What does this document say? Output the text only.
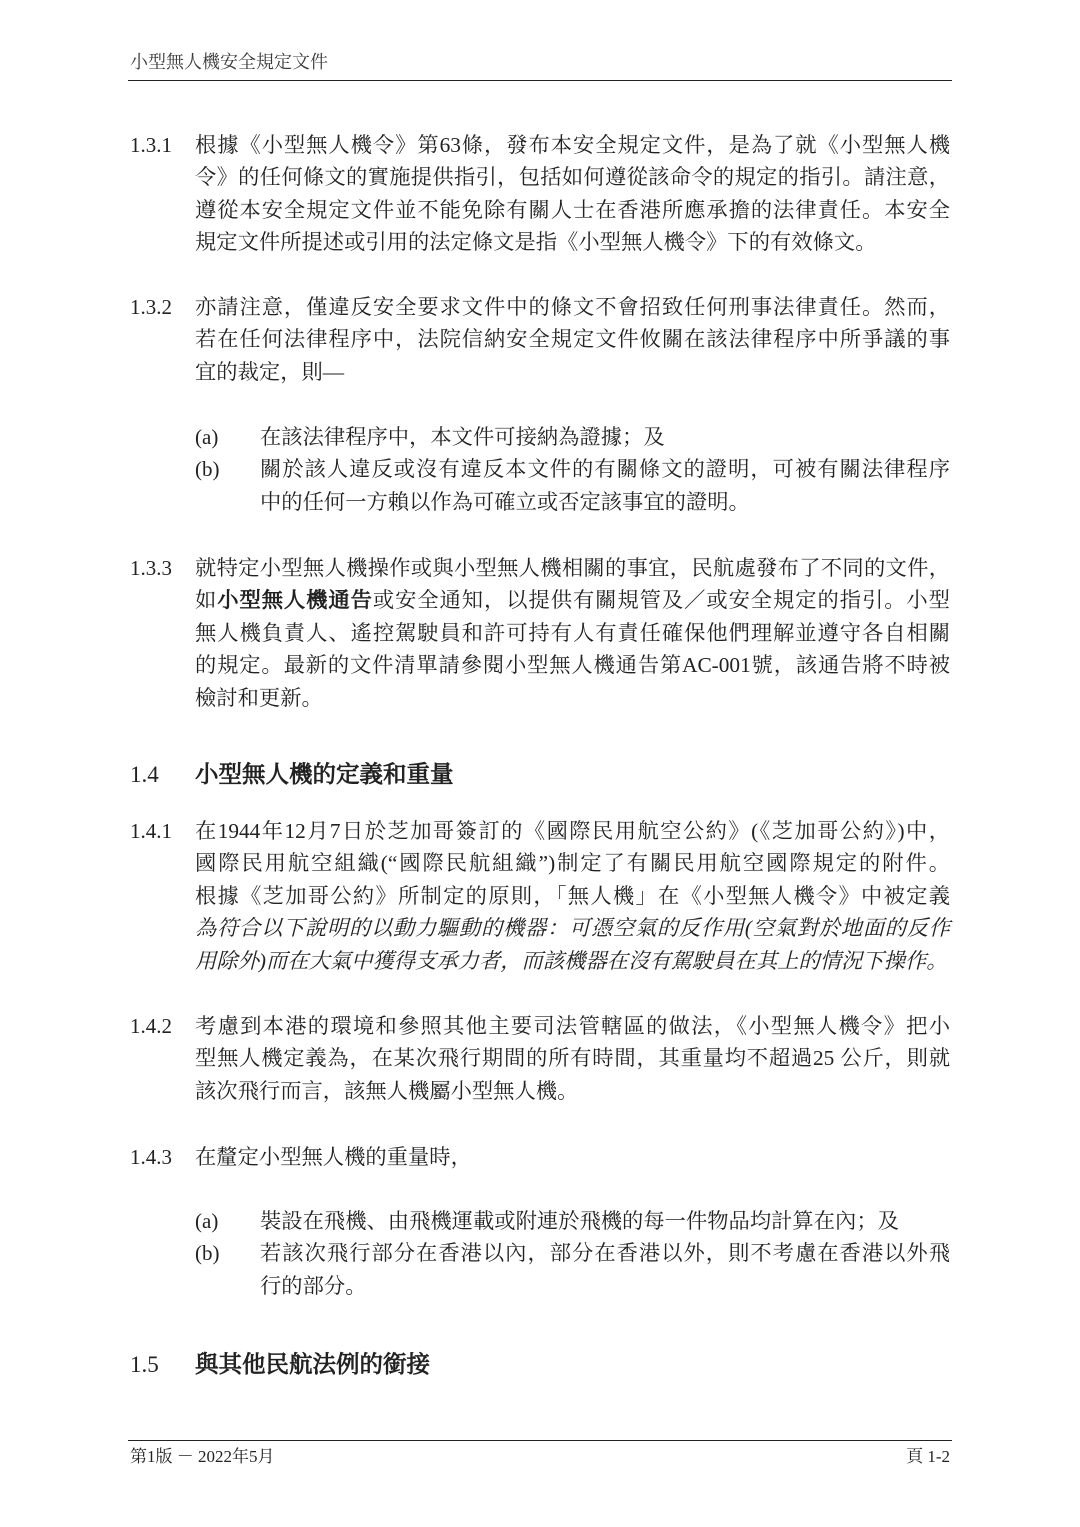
小型無人機安全規定文件
1.3.1 根據《小型無人機令》第63條，發布本安全規定文件，是為了就《小型無人機
令》的任何條文的實施提供指引，包括如何遵從該命令的規定的指引。請注意，
遵從本安全規定文件並不能免除有關人士在香港所應承擔的法律責任。本安全
規定文件所提述或引用的法定條文是指《小型無人機令》下的有效條文。
1.3.2 亦請注意，僅違反安全要求文件中的條文不會招致任何刑事法律責任。然而，
若在任何法律程序中，法院信納安全規定文件攸關在該法律程序中所爭議的事
宜的裁定，則—
(a) 在該法律程序中，本文件可接納為證據；及
(b) 關於該人違反或沒有違反本文件的有關條文的證明，可被有關法律程序
中的任何一方賴以作為可確立或否定該事宜的證明。
1.3.3 就特定小型無人機操作或與小型無人機相關的事宜，民航處發布了不同的文件，
如小型無人機通告或安全通知，以提供有關規管及／或安全規定的指引。小型
無人機負責人、遙控駕駛員和許可持有人有責任確保他們理解並遵守各自相關
的規定。最新的文件清單請參閱小型無人機通告第AC-001號，該通告將不時被
檢討和更新。
1.4 小型無人機的定義和重量
1.4.1 在1944年12月7日於芝加哥簽訂的《國際民用航空公約》(《芝加哥公約》)中，
國際民用航空組織(“國際民航組織”)制定了有關民用航空國際規定的附件。
根據《芝加哥公約》所制定的原則，「無人機」在《小型無人機令》中被定義
為符合以下說明的以動力驅動的機器：可憑空氣的反作用(空氣對於地面的反作
用除外)而在大氣中獲得支承力者，而該機器在沒有駕駛員在其上的情況下操作。
1.4.2 考慮到本港的環境和參照其他主要司法管轄區的做法，《小型無人機令》把小
型無人機定義為，在某次飛行期間的所有時間，其重量均不超過25 公斤，則就
該次飛行而言，該無人機屬小型無人機。
1.4.3 在釐定小型無人機的重量時，
(a) 裝設在飛機、由飛機運載或附連於飛機的每一件物品均計算在內；及
(b) 若該次飛行部分在香港以內，部分在香港以外，則不考慮在香港以外飛
行的部分。
1.5 與其他民航法例的銜接
第1版 － 2022年5月	頁 1-2
